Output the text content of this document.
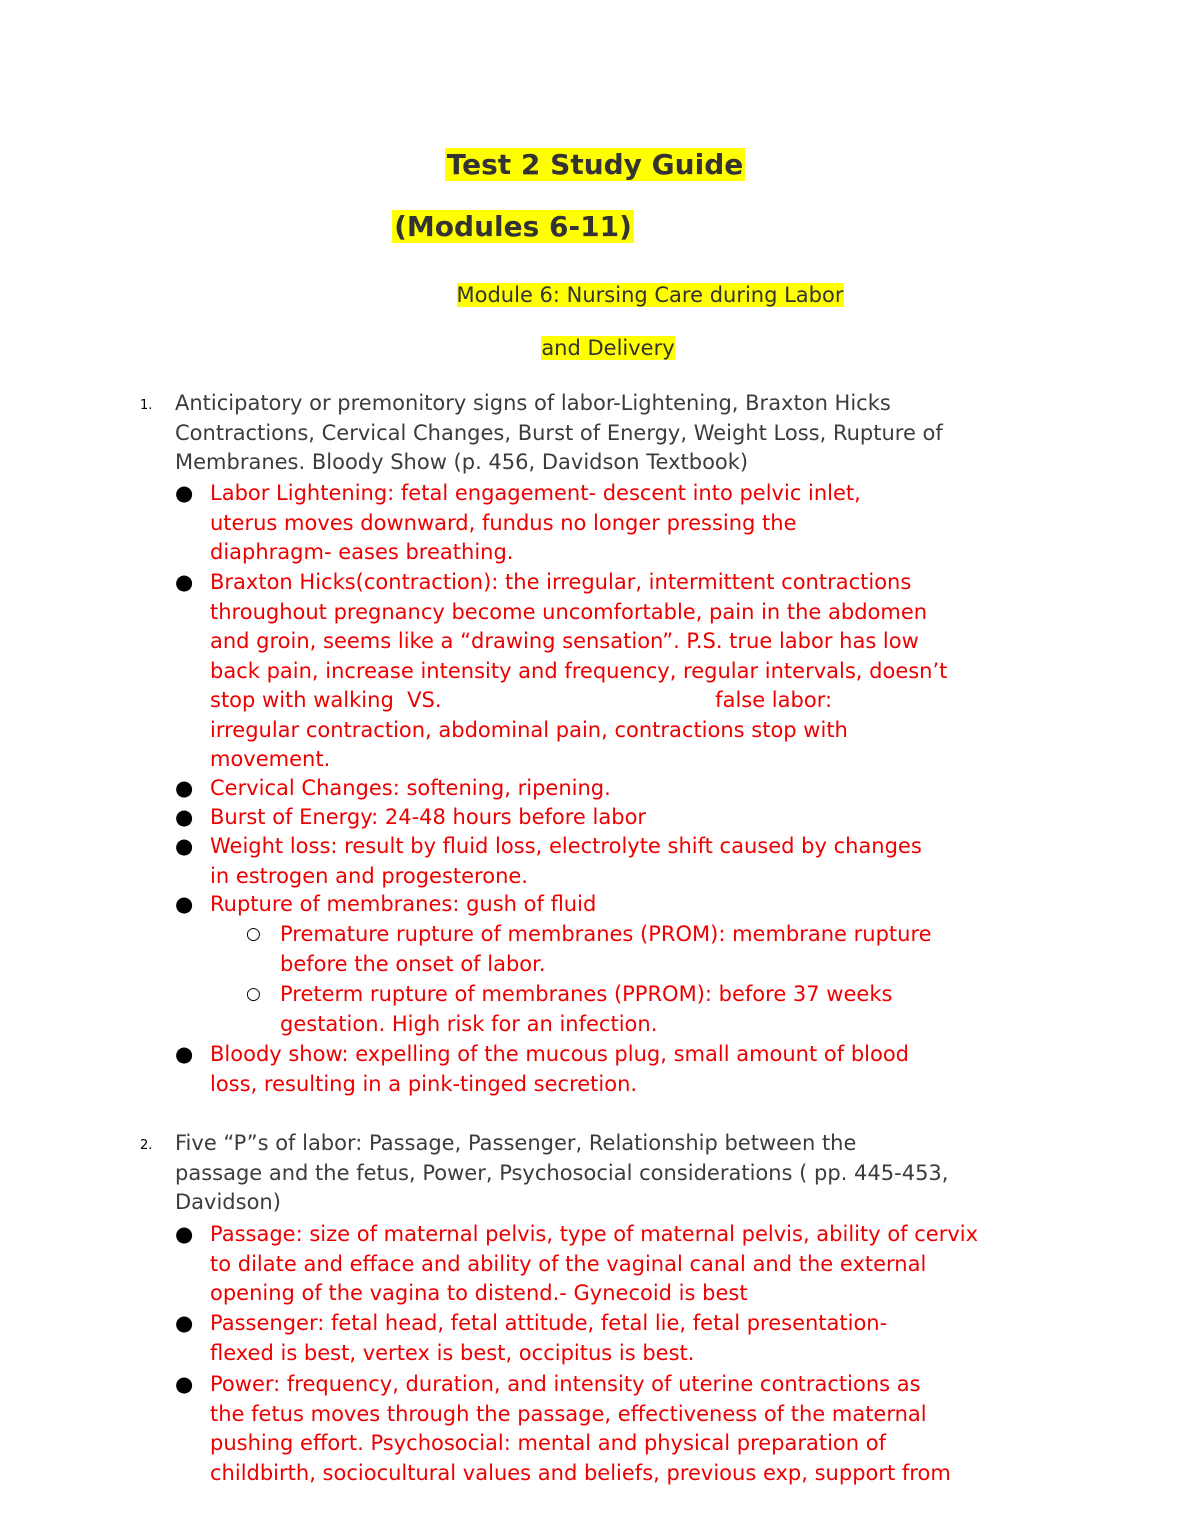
Test 2 Study Guide
(Modules 6-11)
Module 6: Nursing Care during Labor
and Delivery
1. Anticipatory or premonitory signs of labor-Lightening, Braxton Hicks
Contractions, Cervical Changes, Burst of Energy, Weight Loss, Rupture of
Membranes. Bloody Show (p. 456, Davidson Textbook)
● Labor Lightening: fetal engagement- descent into pelvic inlet,
uterus moves downward, fundus no longer pressing the
diaphragm- eases breathing.
● Braxton Hicks(contraction): the irregular, intermittent contractions
throughout pregnancy become uncomfortable, pain in the abdomen
and groin, seems like a “drawing sensation”. P.S. true labor has low
back pain, increase intensity and frequency, regular intervals, doesn’t
stop with walking  VS.                                         false labor:
irregular contraction, abdominal pain, contractions stop with
movement.
● Cervical Changes: softening, ripening.
● Burst of Energy: 24-48 hours before labor
● Weight loss: result by fluid loss, electrolyte shift caused by changes
in estrogen and progesterone.
● Rupture of membranes: gush of fluid
○ Premature rupture of membranes (PROM): membrane rupture
before the onset of labor.
○ Preterm rupture of membranes (PPROM): before 37 weeks
gestation. High risk for an infection.
● Bloody show: expelling of the mucous plug, small amount of blood
loss, resulting in a pink-tinged secretion.
2. Five “P”s of labor: Passage, Passenger, Relationship between the
passage and the fetus, Power, Psychosocial considerations ( pp. 445-453,
Davidson)
● Passage: size of maternal pelvis, type of maternal pelvis, ability of cervix
to dilate and efface and ability of the vaginal canal and the external
opening of the vagina to distend.- Gynecoid is best
● Passenger: fetal head, fetal attitude, fetal lie, fetal presentation-
flexed is best, vertex is best, occipitus is best.
● Power: frequency, duration, and intensity of uterine contractions as
the fetus moves through the passage, effectiveness of the maternal
pushing effort. Psychosocial: mental and physical preparation of
childbirth, sociocultural values and beliefs, previous exp, support from
